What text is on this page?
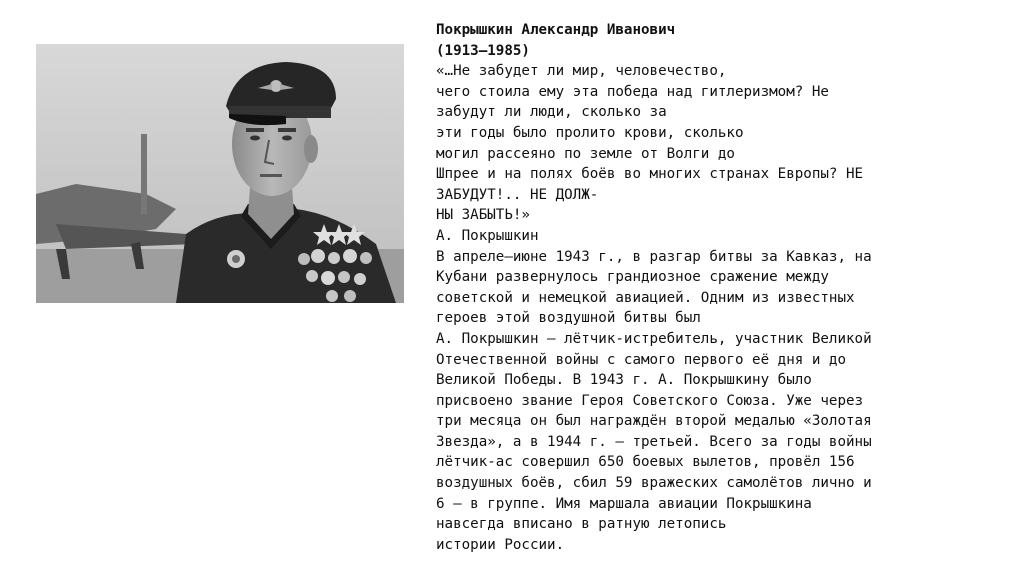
Покрышкин Александр Иванович
(1913—1985)
«…Не забудет ли мир, человечество,
чего стоила ему эта победа над гитлеризмом? Не
забудут ли люди, сколько за
эти годы было пролито крови, сколько
могил рассеяно по земле от Волги до
Шпрее и на полях боёв во многих странах Европы? НЕ
ЗАБУДУТ!.. НЕ ДОЛЖ-
НЫ ЗАБЫТЬ!»
А. Покрышкин
В апреле—июне 1943 г., в разгар битвы за Кавказ, на
Кубани развернулось грандиозное сражение между
советской и немецкой авиацией. Одним из известных
героев этой воздушной битвы был
А. Покрышкин — лётчик-истребитель, участник Великой
Отечественной войны с самого первого её дня и до
Великой Победы. В 1943 г. А. Покрышкину было
присвоено звание Героя Советского Союза. Уже через
три месяца он был награждён второй медалью «Золотая
Звезда», а в 1944 г. — третьей. Всего за годы войны
лётчик-ас совершил 650 боевых вылетов, провёл 156
воздушных боёв, сбил 59 вражеских самолётов лично и
6 — в группе. Имя маршала авиации Покрышкина
навсегда вписано в ратную летопись
истории России.
